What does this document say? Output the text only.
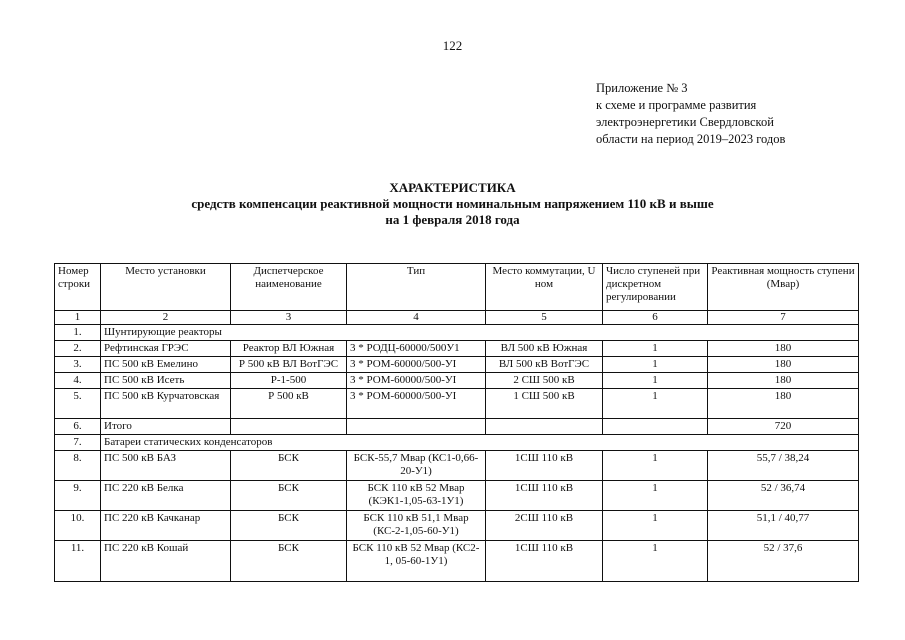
122
Приложение № 3
к схеме и программе развития
электроэнергетики Свердловской
области на период 2019–2023 годов
ХАРАКТЕРИСТИКА
средств компенсации реактивной мощности номинальным напряжением 110 кВ и выше
на 1 февраля 2018 года
Номер строки	Место установки	Диспетчерское наименование	Тип	Место коммутации, U ном	Число ступеней при дискретном регулировании	Реактивная мощность ступени (Мвар)
1	2	3	4	5	6	7
1.	Шунтирующие реакторы					
2.	Рефтинская ГРЭС	Реактор ВЛ Южная	3 * РОДЦ-60000/500У1	ВЛ 500 кВ Южная	1	180
3.	ПС 500 кВ Емелино	Р 500 кВ ВЛ ВотГЭС	3 * РОМ-60000/500-УI	ВЛ 500 кВ ВотГЭС	1	180
4.	ПС 500 кВ Исеть	Р-1-500	3 * РОМ-60000/500-УI	2 СШ 500 кВ	1	180
5.	ПС 500 кВ Курчатовская	Р 500 кВ	3 * РОМ-60000/500-УI	1 СШ 500 кВ	1	180
6.	Итого					720
7.	Батареи статических конденсаторов					
8.	ПС 500 кВ БАЗ	БСК	БСК-55,7 Мвар (КС1-0,66-20-У1)	1СШ 110 кВ	1	55,7 / 38,24
9.	ПС 220 кВ Белка	БСК	БСК 110 кВ 52 Мвар (КЭК1-1,05-63-1У1)	1СШ 110 кВ	1	52 / 36,74
10.	ПС 220 кВ Качканар	БСК	БСК 110 кВ 51,1 Мвар (КС-2-1,05-60-У1)	2СШ 110 кВ	1	51,1 / 40,77
11.	ПС 220 кВ Кошай	БСК	БСК 110 кВ 52 Мвар (КС2-1, 05-60-1У1)	1СШ 110 кВ	1	52 / 37,6
